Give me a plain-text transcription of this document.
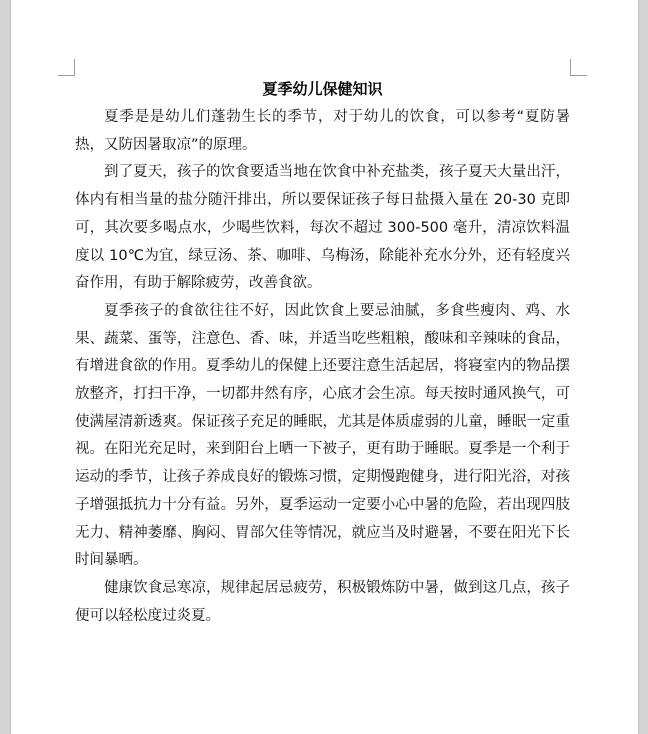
夏季幼儿保健知识

夏季是是幼儿们蓬勃生长的季节，对于幼儿的饮食，可以参考“夏防暑热，又防因暑取凉”的原理。

到了夏天，孩子的饮食要适当地在饮食中补充盐类，孩子夏天大量出汗，体内有相当量的盐分随汗排出，所以要保证孩子每日盐摄入量在 20-30 克即可，其次要多喝点水，少喝些饮料，每次不超过 300-500 毫升，清凉饮料温度以 10℃为宜，绿豆汤、茶、咖啡、乌梅汤，除能补充水分外，还有轻度兴奋作用，有助于解除疲劳，改善食欲。

夏季孩子的食欲往往不好，因此饮食上要忌油腻，多食些瘦肉、鸡、水果、蔬菜、蛋等，注意色、香、味，并适当吃些粗粮，酸味和辛辣味的食品，有增进食欲的作用。夏季幼儿的保健上还要注意生活起居，将寝室内的物品摆放整齐，打扫干净，一切都井然有序，心底才会生凉。每天按时通风换气，可使满屋清新透爽。保证孩子充足的睡眠，尤其是体质虚弱的儿童，睡眠一定重视。在阳光充足时，来到阳台上晒一下被子，更有助于睡眠。夏季是一个利于运动的季节，让孩子养成良好的锻炼习惯，定期慢跑健身，进行阳光浴，对孩子增强抵抗力十分有益。另外，夏季运动一定要小心中暑的危险，若出现四肢无力、精神萎靡、胸闷、胃部欠佳等情况，就应当及时避暑，不要在阳光下长时间暴晒。

健康饮食忌寒凉，规律起居忌疲劳，积极锻炼防中暑，做到这几点，孩子便可以轻松度过炎夏。
